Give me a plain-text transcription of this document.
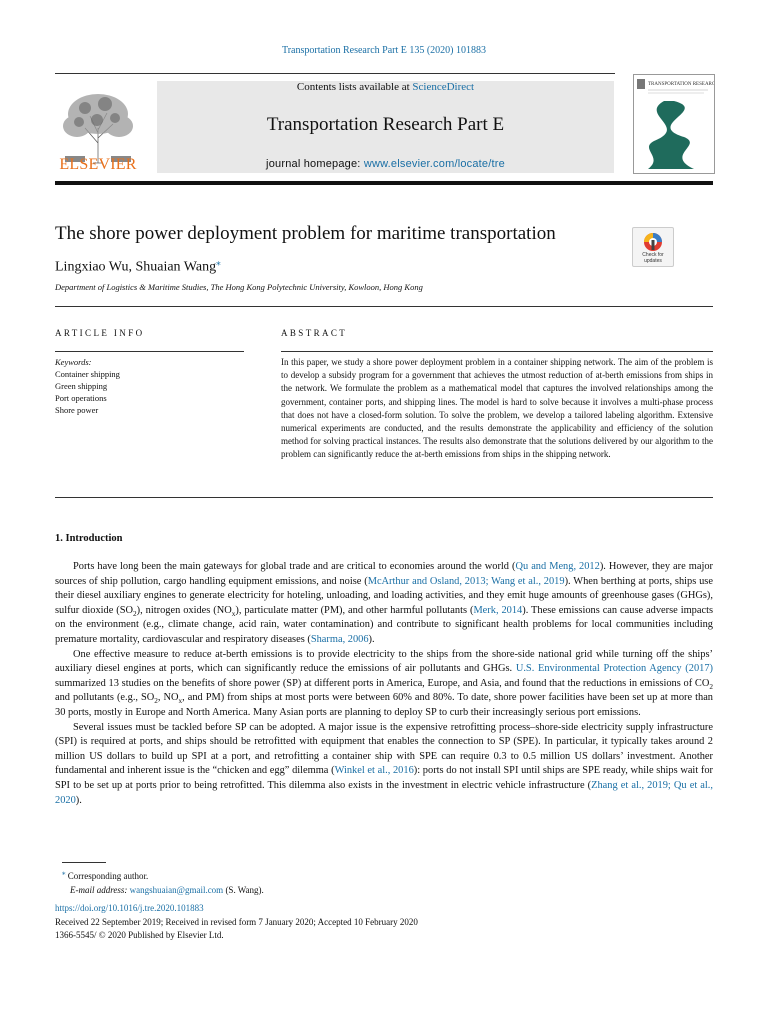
Transportation Research Part E 135 (2020) 101883
ELSEVIER
Contents lists available at ScienceDirect
Transportation Research Part E
journal homepage: www.elsevier.com/locate/tre
TRANSPORTATION RESEARCH
The shore power deployment problem for maritime transportation
Check for updates
Lingxiao Wu, Shuaian Wang⁎
Department of Logistics & Maritime Studies, The Hong Kong Polytechnic University, Kowloon, Hong Kong
ARTICLE INFO	ABSTRACT
Keywords:
Container shipping
Green shipping
Port operations
Shore power
In this paper, we study a shore power deployment problem in a container shipping network. The aim of the problem is to develop a subsidy program for a government that achieves the utmost reduction of at-berth emissions from ships in the network. We formulate the problem as a mathematical model that captures the involved relationships among the government, container ports, and shipping lines. The model is hard to solve because it involves a multi-phase process that does not have a closed-form solution. To solve the problem, we develop a tailored labeling algorithm. Extensive numerical experiments are conducted, and the results demonstrate the applicability and efficiency of the solution method for solving practical instances. The results also demonstrate that the solutions delivered by our algorithm to the problem can significantly reduce the at-berth emissions from ships in the shipping network.
1. Introduction

Ports have long been the main gateways for global trade and are critical to economies around the world (Qu and Meng, 2012). However, they are major sources of ship pollution, cargo handling equipment emissions, and noise (McArthur and Osland, 2013; Wang et al., 2019). When berthing at ports, ships use their diesel auxiliary engines to generate electricity for hoteling, unloading, and loading activities, and they emit huge amounts of greenhouse gases (GHGs), sulfur dioxide $(SO_2)$, nitrogen oxides $(NO_x)$, particulate matter (PM), and other harmful pollutants (Merk, 2014). These emissions can cause adverse impacts on the environment (e.g., climate change, acid rain, water contamination) and contribute to significant health problems for local communities including premature mortality, cardiovascular and respiratory diseases (Sharma, 2006).

One effective measure to reduce at-berth emissions is to provide electricity to the ships from the shore-side national grid while turning off the ships’ auxiliary diesel engines at ports, which can significantly reduce the emissions of air pollutants and GHGs. U.S. Environmental Protection Agency (2017) summarized 13 studies on the benefits of shore power (SP) at different ports in America, Europe, and Asia, and found that the reductions in emissions of $CO_2$ and pollutants (e.g., $SO_2$, $NO_x$, and PM) from ships at most ports were between 60% and 80%. To date, shore power facilities have been set up at more than 30 ports, mostly in Europe and North America. Many Asian ports are planning to deploy SP to curb their increasingly serious port emissions.

Several issues must be tackled before SP can be adopted. A major issue is the expensive retrofitting process–shore-side electricity supply infrastructure (SPI) is required at ports, and ships should be retrofitted with equipment that enables the connection to SP (SPE). In particular, it typically takes around 2 million US dollars to build up SPI at a port, and retrofitting a container ship with SPE can require 0.3 to 0.5 million US dollars’ investment. Another fundamental and inherent issue is the “chicken and egg” dilemma (Winkel et al., 2016): ports do not install SPI until ships are SPE ready, while ships wait for SPI to be set up at ports prior to being retrofitted. This dilemma also exists in the investment in electric vehicle infrastructure (Zhang et al., 2019; Qu et al., 2020).

⁎ Corresponding author.
E-mail address: wangshuaian@gmail.com (S. Wang).
https://doi.org/10.1016/j.tre.2020.101883
Received 22 September 2019; Received in revised form 7 January 2020; Accepted 10 February 2020
1366-5545/ © 2020 Published by Elsevier Ltd.
